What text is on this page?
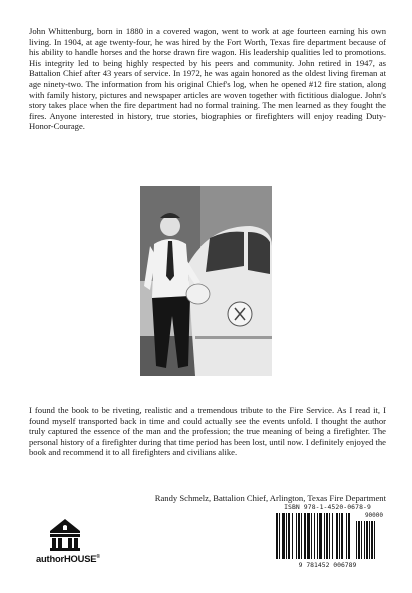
John Whittenburg, born in 1880 in a covered wagon, went to work at age fourteen earning his own living. In 1904, at age twenty-four, he was hired by the Fort Worth, Texas fire department because of his ability to handle horses and the horse drawn fire wagon. His leadership qualities led to promotions. His integrity led to being highly respected by his peers and community. John retired in 1947, as Battalion Chief after 43 years of service. In 1972, he was again honored as the oldest living fireman at age ninety-two. The information from his original Chief's log, when he opened #12 fire station, along with family history, pictures and newspaper articles are woven together with fictitious dialogue. John's story takes place when the fire department had no formal training. The men learned as they fought the fires. Anyone interested in history, true stories, biographies or firefighters will enjoy reading Duty-Honor-Courage.

I found the book to be riveting, realistic and a tremendous tribute to the Fire Service. As I read it, I found myself transported back in time and could actually see the events unfold. I thought the author truly captured the essence of the man and the profession; the true meaning of being a firefighter. The personal history of a firefighter during that time period has been lost, until now. I definitely enjoyed the book and recommend it to all firefighters and civilians alike.

Randy Schmelz, Battalion Chief, Arlington, Texas Fire Department

authorHOUSE®
ISBN 978-1-4520-0678-9
90000
9 781452 006789
